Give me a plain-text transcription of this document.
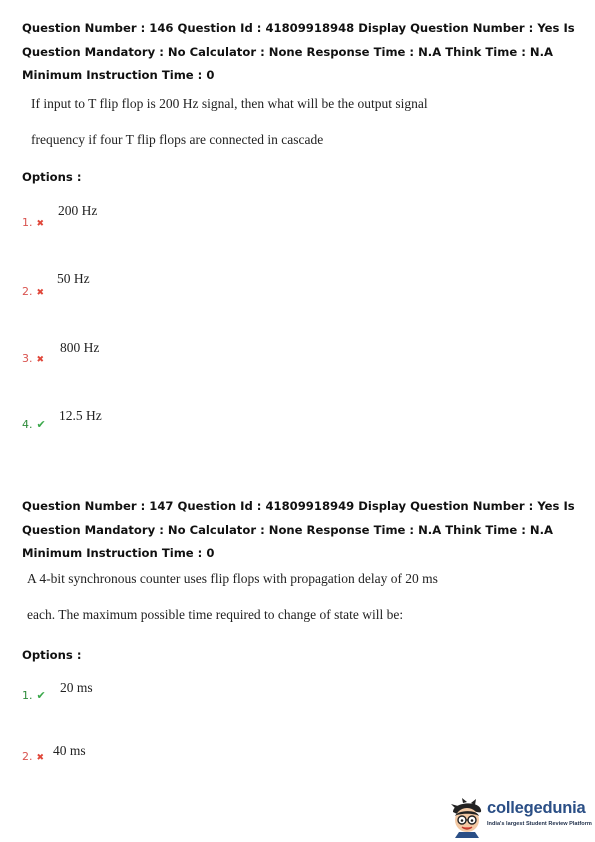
Question Number : 146 Question Id : 41809918948 Display Question Number : Yes Is Question Mandatory : No Calculator : None Response Time : N.A Think Time : N.A Minimum Instruction Time : 0
If input to T flip flop is 200 Hz signal, then what will be the output signal
frequency if four T flip flops are connected in cascade
Options :
1. ✖
200 Hz
2. ✖
50 Hz
3. ✖
800 Hz
4. ✔
12.5 Hz
Question Number : 147 Question Id : 41809918949 Display Question Number : Yes Is Question Mandatory : No Calculator : None Response Time : N.A Think Time : N.A Minimum Instruction Time : 0
A 4-bit synchronous counter uses flip flops with propagation delay of 20 ms
each. The maximum possible time required to change of state will be:
Options :
1. ✔
20 ms
2. ✖ 40 ms
collegedunia
India's largest Student Review Platform
